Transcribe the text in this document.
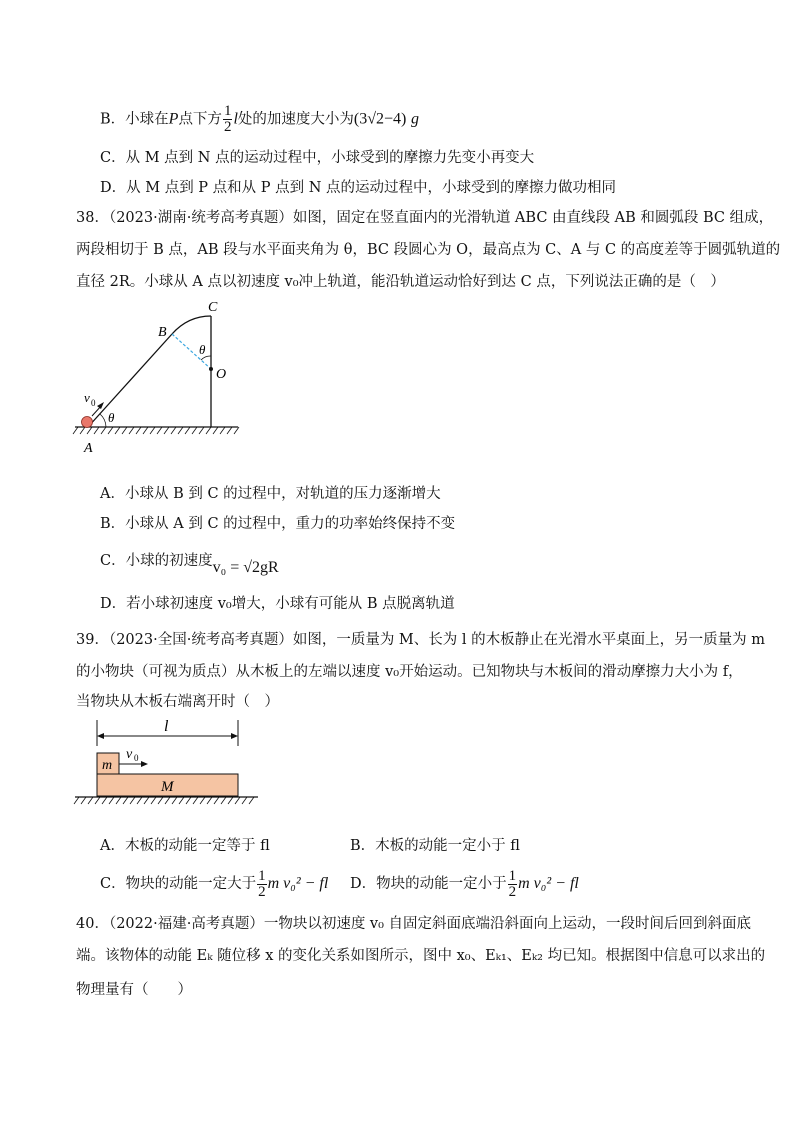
B．小球在P点下方 $\frac{1}{2}$ l处的加速度大小为(3√2−4) g
C．从 M 点到 N 点的运动过程中，小球受到的摩擦力先变小再变大
D．从 M 点到 P 点和从 P 点到 N 点的运动过程中，小球受到的摩擦力做功相同
38．（2023·湖南·统考高考真题）如图，固定在竖直面内的光滑轨道 ABC 由直线段 AB 和圆弧段 BC 组成，
两段相切于 B 点，AB 段与水平面夹角为 θ，BC 段圆心为 O，最高点为 C、A 与 C 的高度差等于圆弧轨道的
直径 2R。小球从 A 点以初速度 v₀冲上轨道，能沿轨道运动恰好到达 C 点，下列说法正确的是（　）
A
B
C
O
θ
θ
v 0
A．小球从 B 到 C 的过程中，对轨道的压力逐渐增大
B．小球从 A 到 C 的过程中，重力的功率始终保持不变
C．小球的初速度v₀ = √2gR
D．若小球初速度 v₀增大，小球有可能从 B 点脱离轨道
39．（2023·全国·统考高考真题）如图，一质量为 M、长为 l 的木板静止在光滑水平桌面上，另一质量为 m
的小物块（可视为质点）从木板上的左端以速度 v₀开始运动。已知物块与木板间的滑动摩擦力大小为 f，
当物块从木板右端离开时（　）
l
m
M
v 0
A．木板的动能一定等于 fl	B．木板的动能一定小于 fl
C．物块的动能一定大于 $\frac{1}{2}$ m v₀² − fl D．物块的动能一定小于 $\frac{1}{2}$ m v₀² − fl
40．（2022·福建·高考真题）一物块以初速度 v₀ 自固定斜面底端沿斜面向上运动，一段时间后回到斜面底
端。该物体的动能 Eₖ 随位移 x 的变化关系如图所示，图中 x₀、Eₖ₁、Eₖ₂ 均已知。根据图中信息可以求出的
物理量有（　　）
